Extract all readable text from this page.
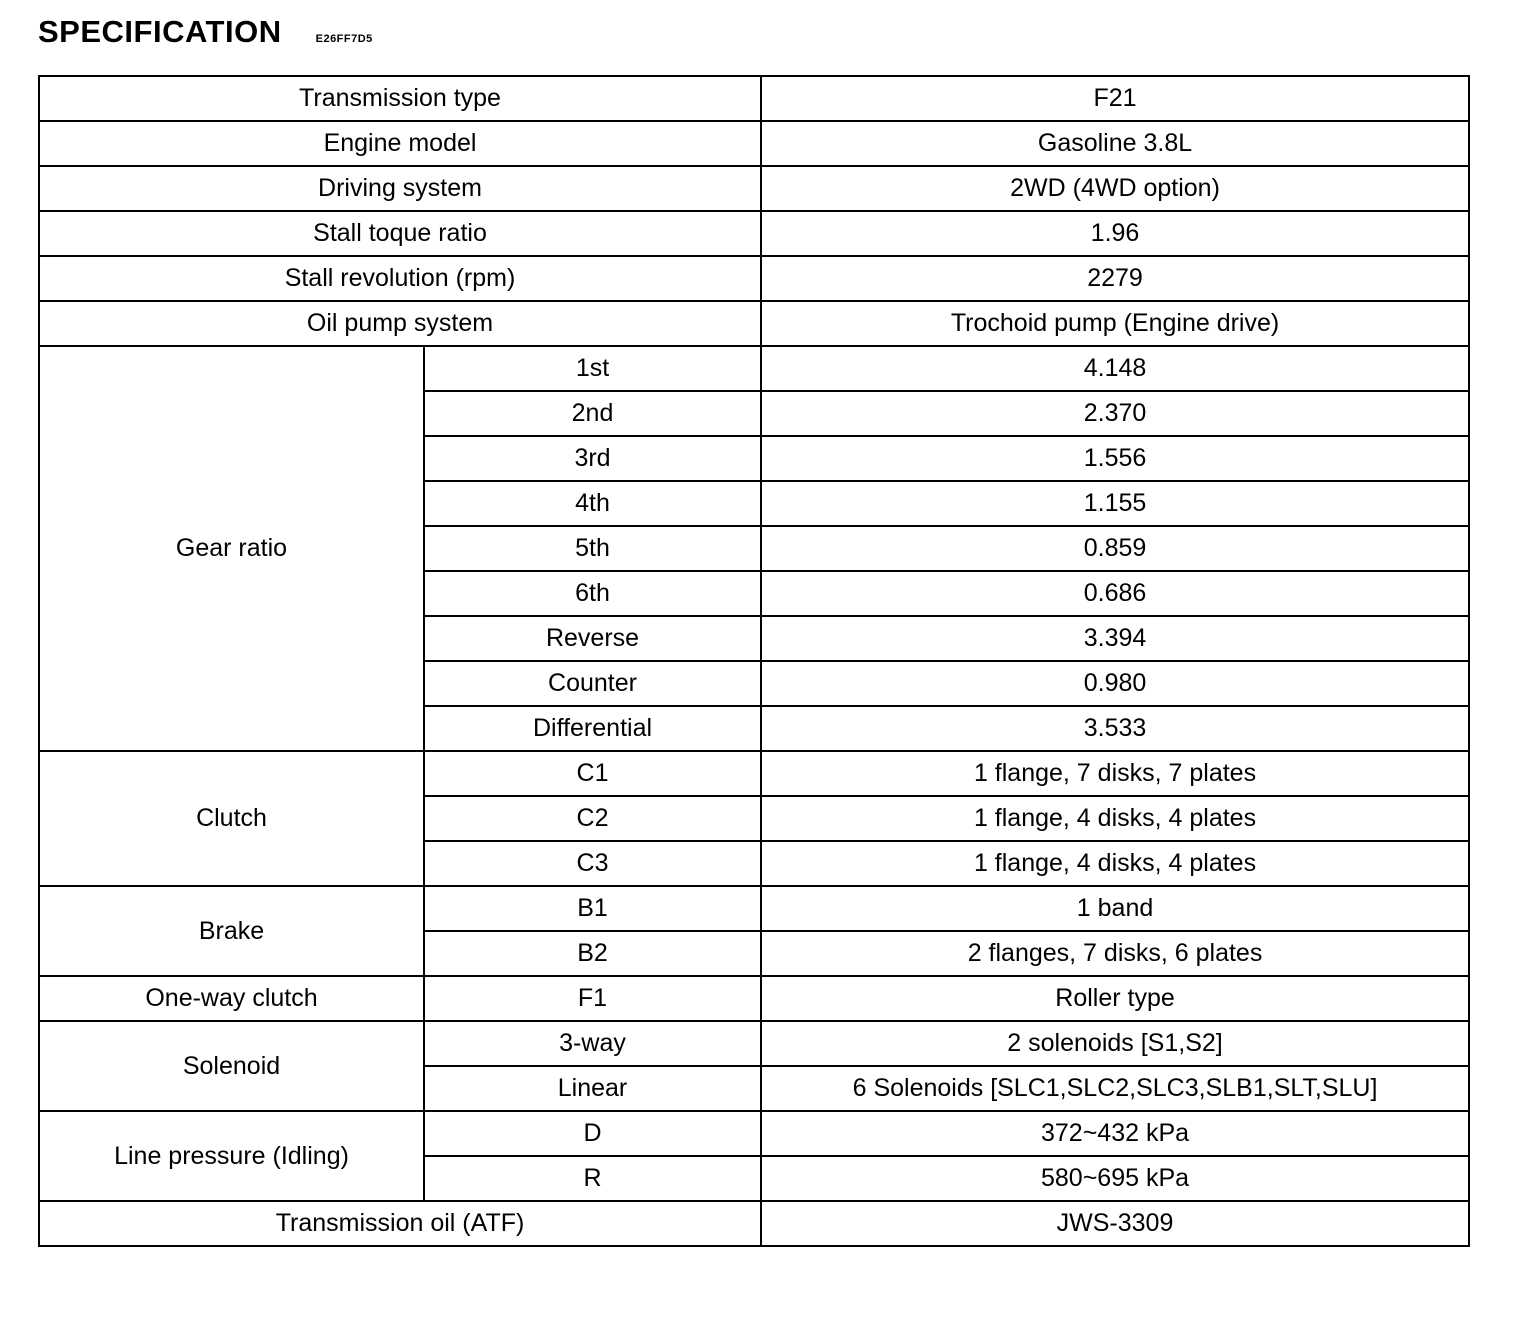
SPECIFICATION	E26FF7D5
Transmission type		F21
Engine model		Gasoline 3.8L
Driving system		2WD (4WD option)
Stall toque ratio		1.96
Stall revolution (rpm)		2279
Oil pump system		Trochoid pump (Engine drive)
Gear ratio	1st	4.148
	2nd	2.370
	3rd	1.556
	4th	1.155
	5th	0.859
	6th	0.686
	Reverse	3.394
	Counter	0.980
	Differential	3.533
Clutch	C1	1 flange, 7 disks, 7 plates
	C2	1 flange, 4 disks, 4 plates
	C3	1 flange, 4 disks, 4 plates
Brake	B1	1 band
	B2	2 flanges, 7 disks, 6 plates
One-way clutch	F1	Roller type
Solenoid	3-way	2 solenoids [S1,S2]
	Linear	6 Solenoids [SLC1,SLC2,SLC3,SLB1,SLT,SLU]
Line pressure (Idling)	D	372~432 kPa
	R	580~695 kPa
Transmission oil (ATF)		JWS-3309
